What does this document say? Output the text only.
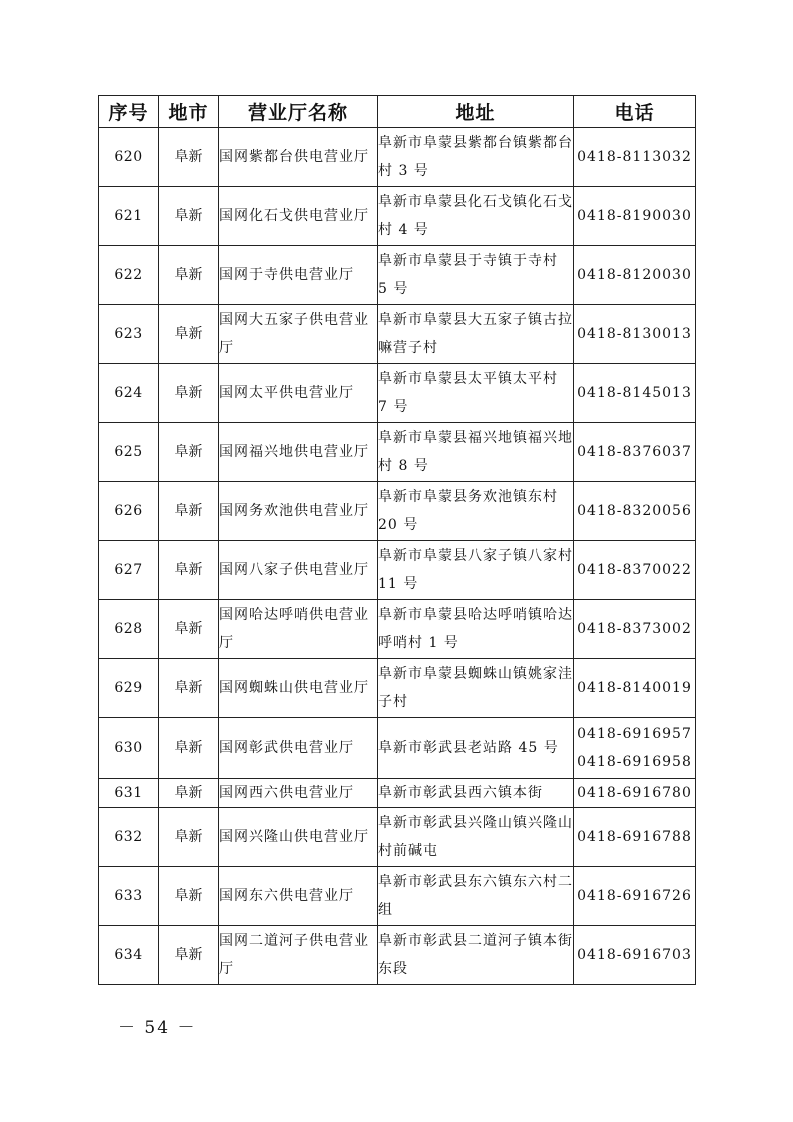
序号	地市	营业厅名称	地址	电话
620	阜新	国网紫都台供电营业厅	阜新市阜蒙县紫都台镇紫都台村 3 号	0418-8113032

621	阜新	国网化石戈供电营业厅	阜新市阜蒙县化石戈镇化石戈村 4 号	0418-8190030

622	阜新	国网于寺供电营业厅	阜新市阜蒙县于寺镇于寺村 5 号	0418-8120030

623	阜新	国网大五家子供电营业厅	阜新市阜蒙县大五家子镇古拉嘛营子村	0418-8130013

624	阜新	国网太平供电营业厅	阜新市阜蒙县太平镇太平村 7 号	0418-8145013

625	阜新	国网福兴地供电营业厅	阜新市阜蒙县福兴地镇福兴地村 8 号	0418-8376037

626	阜新	国网务欢池供电营业厅	阜新市阜蒙县务欢池镇东村 20 号	0418-8320056

627	阜新	国网八家子供电营业厅	阜新市阜蒙县八家子镇八家村 11 号	0418-8370022

628	阜新	国网哈达呼哨供电营业厅	阜新市阜蒙县哈达呼哨镇哈达呼哨村 1 号	0418-8373002

629	阜新	国网蜘蛛山供电营业厅	阜新市阜蒙县蜘蛛山镇姚家洼子村	0418-8140019

630	阜新	国网彰武供电营业厅	阜新市彰武县老站路 45 号	0418-6916957
0418-6916958

631	阜新	国网西六供电营业厅	阜新市彰武县西六镇本街	0418-6916780

632	阜新	国网兴隆山供电营业厅	阜新市彰武县兴隆山镇兴隆山村前碱屯	0418-6916788

633	阜新	国网东六供电营业厅	阜新市彰武县东六镇东六村二组	0418-6916726

634	阜新	国网二道河子供电营业厅	阜新市彰武县二道河子镇本街东段	0418-6916703
－ 54 －
